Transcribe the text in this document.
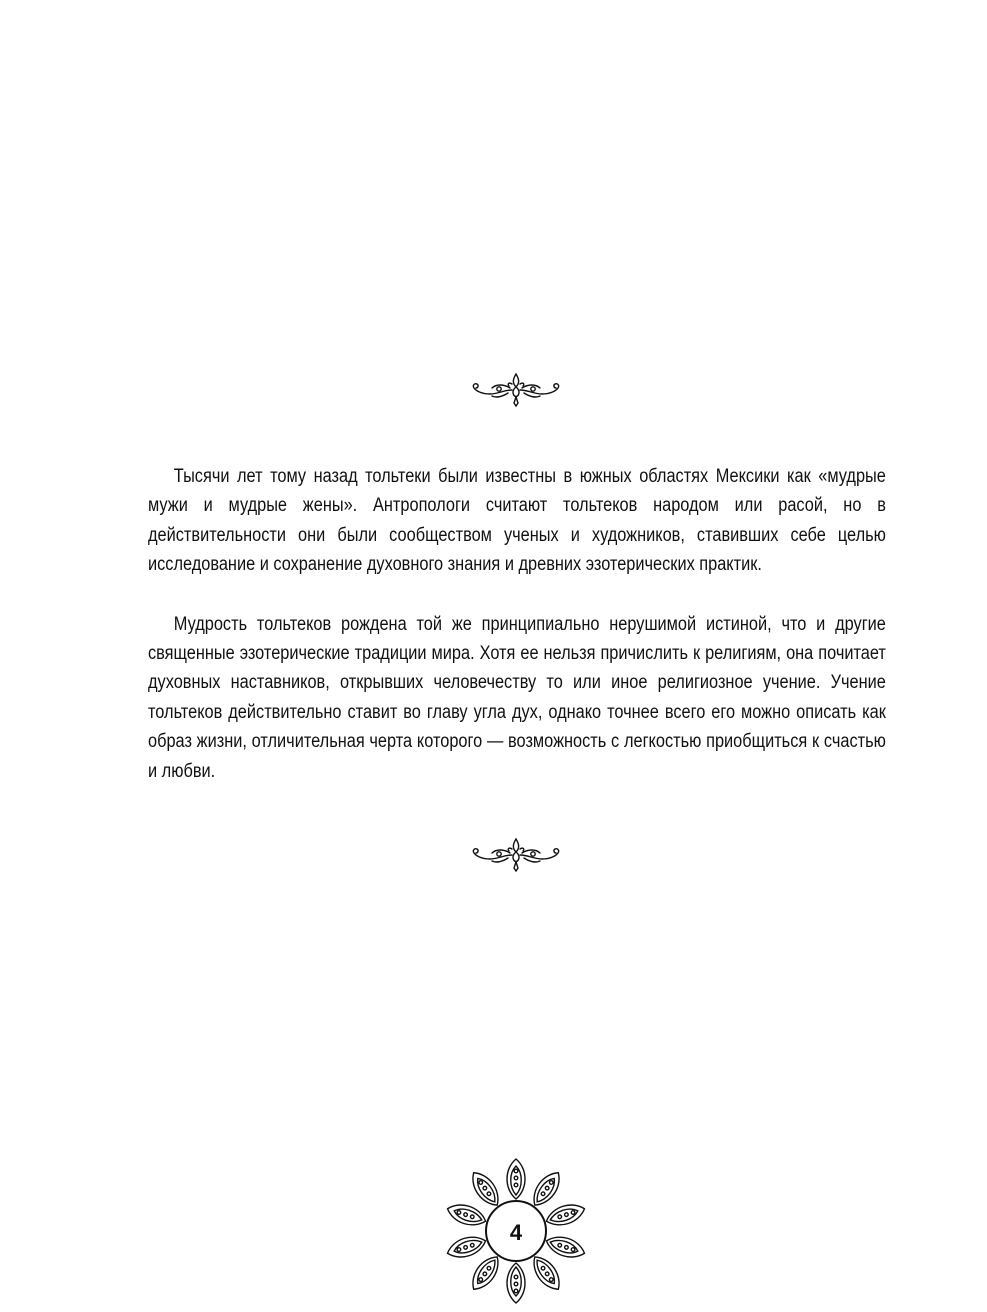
Тысячи лет тому назад тольтеки были известны в южных областях Мексики как «мудрые мужи и мудрые жены». Антропологи считают тольтеков народом или расой, но в действительности они были сообществом ученых и художников, ставивших себе целью исследование и сохранение духовного знания и древних эзотерических практик.

Мудрость тольтеков рождена той же принципиально нерушимой истиной, что и другие священные эзотерические традиции мира. Хотя ее нельзя причислить к религиям, она почитает духовных наставников, открывших человечеству то или иное религиозное учение. Учение тольтеков действительно ставит во главу угла дух, однако точнее всего его можно описать как образ жизни, отличительная черта которого — возможность с легкостью приобщиться к счастью и любви.

4
